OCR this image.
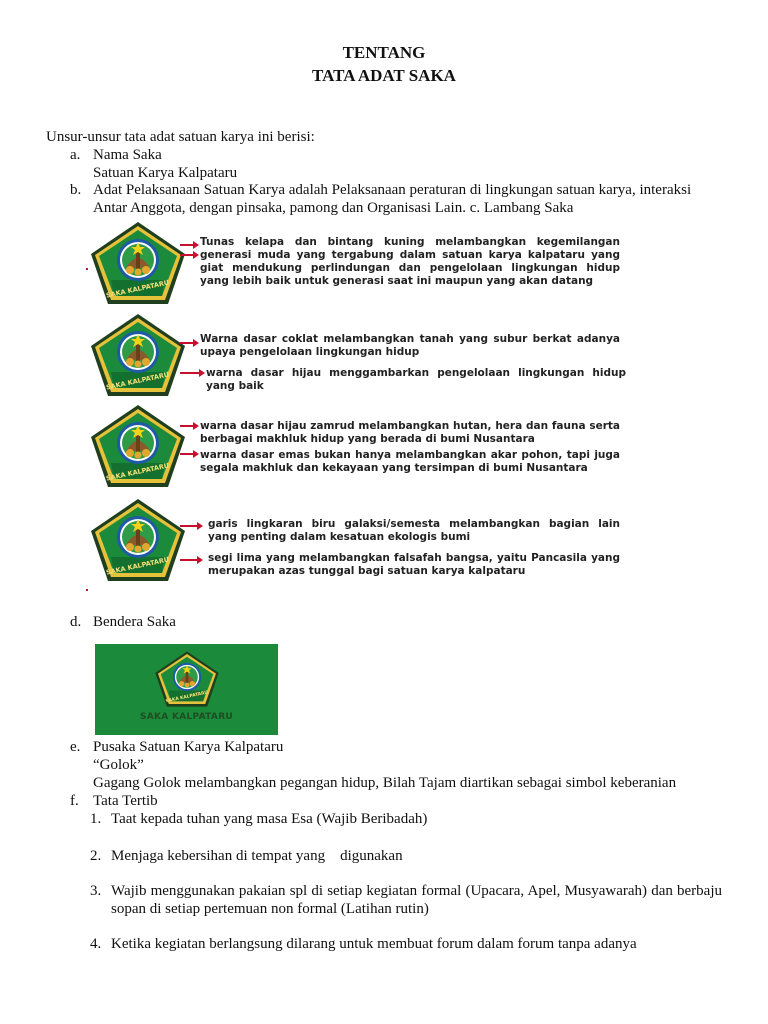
TENTANG
TATA ADAT SAKA
Unsur-unsur tata adat satuan karya ini berisi:
a. Nama Saka
Satuan Karya Kalpataru
b. Adat Pelaksanaan Satuan Karya adalah Pelaksanaan peraturan di lingkungan satuan karya, interaksi
Antar Anggota, dengan pinsaka, pamong dan Organisasi Lain. c. Lambang Saka
Tunas kelapa dan bintang kuning melambangkan kegemilangan generasi muda yang tergabung dalam satuan karya kalpataru yang giat mendukung perlindungan dan pengelolaan lingkungan hidup yang lebih baik untuk generasi saat ini maupun yang akan datang
Warna dasar coklat melambangkan tanah yang subur berkat adanya upaya pengelolaan lingkungan hidup
warna dasar hijau menggambarkan pengelolaan lingkungan hidup yang baik
warna dasar hijau zamrud melambangkan hutan, hera dan fauna serta berbagai makhluk hidup yang berada di bumi Nusantara
warna dasar emas bukan hanya melambangkan akar pohon, tapi juga segala makhluk dan kekayaan yang tersimpan di bumi Nusantara
garis lingkaran biru galaksi/semesta melambangkan bagian lain yang penting dalam kesatuan ekologis bumi
segi lima yang melambangkan falsafah bangsa, yaitu Pancasila yang merupakan azas tunggal bagi satuan karya kalpataru
d. Bendera Saka
SAKA KALPATARU
e. Pusaka Satuan Karya Kalpataru
“Golok”
Gagang Golok melambangkan pegangan hidup, Bilah Tajam diartikan sebagai simbol keberanian
f. Tata Tertib
1. Taat kepada tuhan yang masa Esa (Wajib Beribadah)
2. Menjaga kebersihan di tempat yang    digunakan
3. Wajib menggunakan pakaian spl di setiap kegiatan formal (Upacara, Apel, Musyawarah) dan berbaju sopan di setiap pertemuan non formal (Latihan rutin)
4. Ketika kegiatan berlangsung dilarang untuk membuat forum dalam forum tanpa adanya
